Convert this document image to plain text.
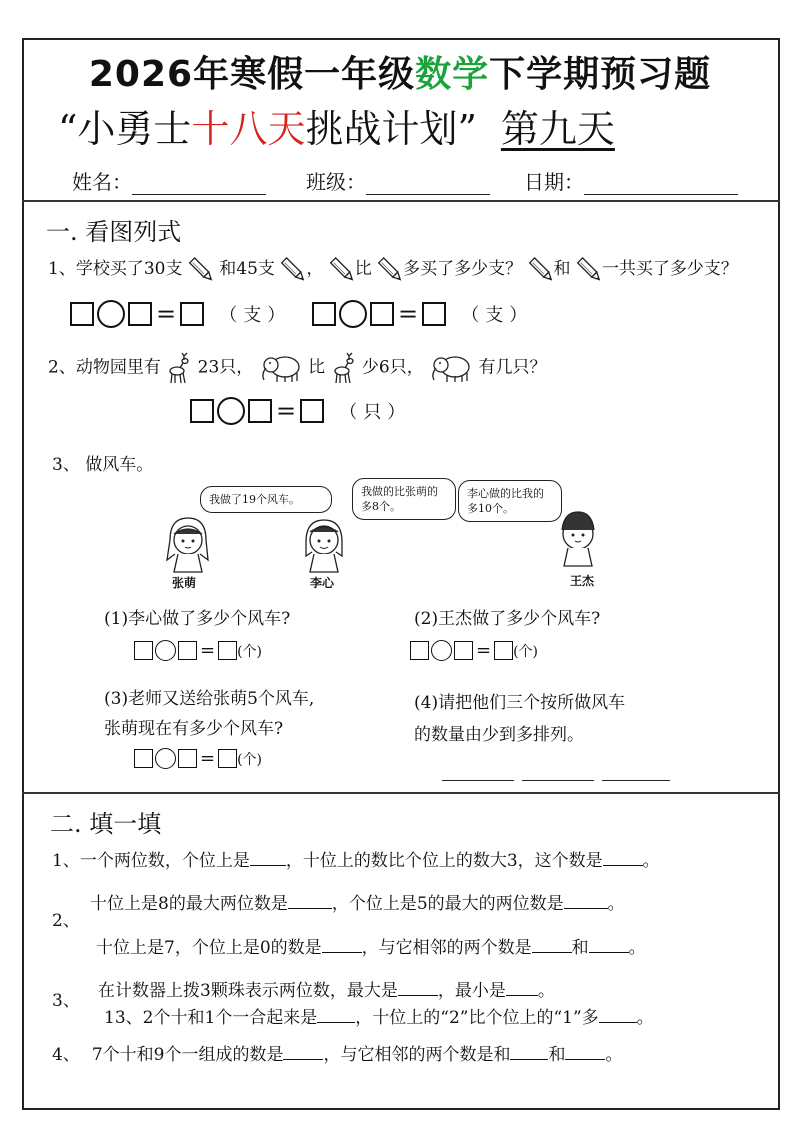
2026年寒假一年级数学下学期预习题
“小勇士十八天挑战计划” 第九天
姓名：	班级：	日期：
一. 看图列式
1、学校买了30支 和45支 ， 比 多买了多少支？ 和 一共买了多少支？
= （支）	= （支）
2、动物园里有 23只，	比 少6只，	有几只？
= （只）
3、 做风车。
我做了19个风车。
我做的比张萌的多8个。
李心做的比我的多10个。
张萌	李心	王杰
(1)李心做了多少个风车?	(2)王杰做了多少个风车?
= (个)	= (个)
(3)老师又送给张萌5个风车,
张萌现在有多少个风车?
(4)请把他们三个按所做风车
的数量由少到多排列。
= (个)
二. 填一填
1、一个两位数，个位上是 ，十位上的数比个位上的数大3，这个数是 。
2、
十位上是8的最大两位数是	，个位上是5的最大的两位数是	。
十位上是7，个位上是0的数是 ，与它相邻的两个数是 和 。
3、 在计数器上拨3颗珠表示两位数，最大是 ，最小是 。
13、2个十和1个一合起来是 ，十位上的“2”比个位上的“1”多 。
4、 7个十和9个一组成的数是 ，与它相邻的两个数是和 和 。
